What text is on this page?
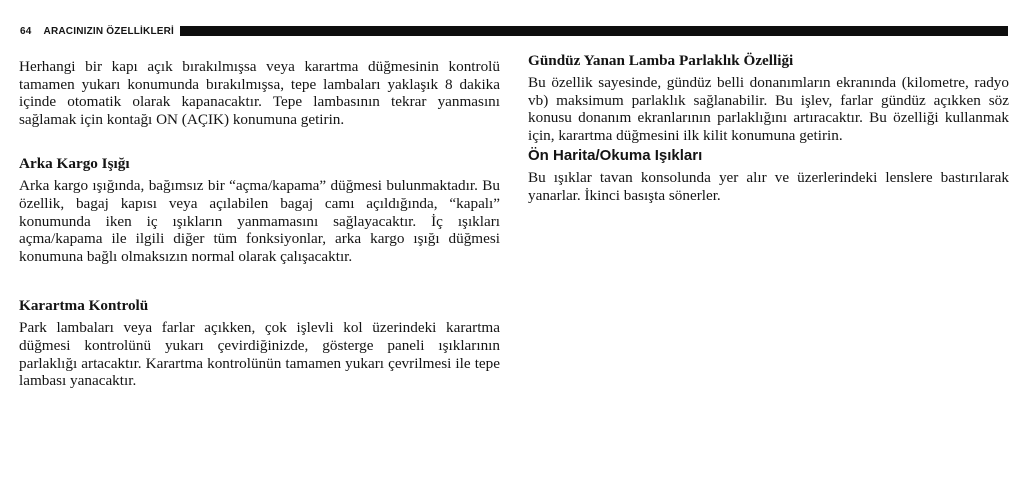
64 ARACINIZIN ÖZELLİKLERİ

Herhangi bir kapı açık bırakılmışsa veya karartma düğmesinin kontrolü tamamen yukarı konumunda bırakılmışsa, tepe lambaları yaklaşık 8 dakika içinde otomatik olarak kapanacaktır. Tepe lambasının tekrar yanmasını sağlamak için kontağı ON (AÇIK) konumuna getirin.

Arka Kargo Işığı

Arka kargo ışığında, bağımsız bir “açma/kapama” düğmesi bulunmaktadır. Bu özellik, bagaj kapısı veya açılabilen bagaj camı açıldığında, “kapalı” konumunda iken iç ışıkların yanmamasını sağlayacaktır. İç ışıkları açma/kapama ile ilgili diğer tüm fonksiyonlar, arka kargo ışığı düğmesi konumuna bağlı olmaksızın normal olarak çalışacaktır.

Karartma Kontrolü

Park lambaları veya farlar açıkken, çok işlevli kol üzerindeki karartma düğmesi kontrolünü yukarı çevirdiğinizde, gösterge paneli ışıklarının parlaklığı artacaktır. Karartma kontrolünün tamamen yukarı çevrilmesi ile tepe lambası yanacaktır.

Gündüz Yanan Lamba Parlaklık Özelliği

Bu özellik sayesinde, gündüz belli donanımların ekranında (kilometre, radyo vb) maksimum parlaklık sağlanabilir. Bu işlev, farlar gündüz açıkken söz konusu donanım ekranlarının parlaklığını artıracaktır. Bu özelliği kullanmak için, karartma düğmesini ilk kilit konumuna getirin.

Ön Harita/Okuma Işıkları

Bu ışıklar tavan konsolunda yer alır ve üzerlerindeki lenslere bastırılarak yanarlar. İkinci basışta sönerler.
